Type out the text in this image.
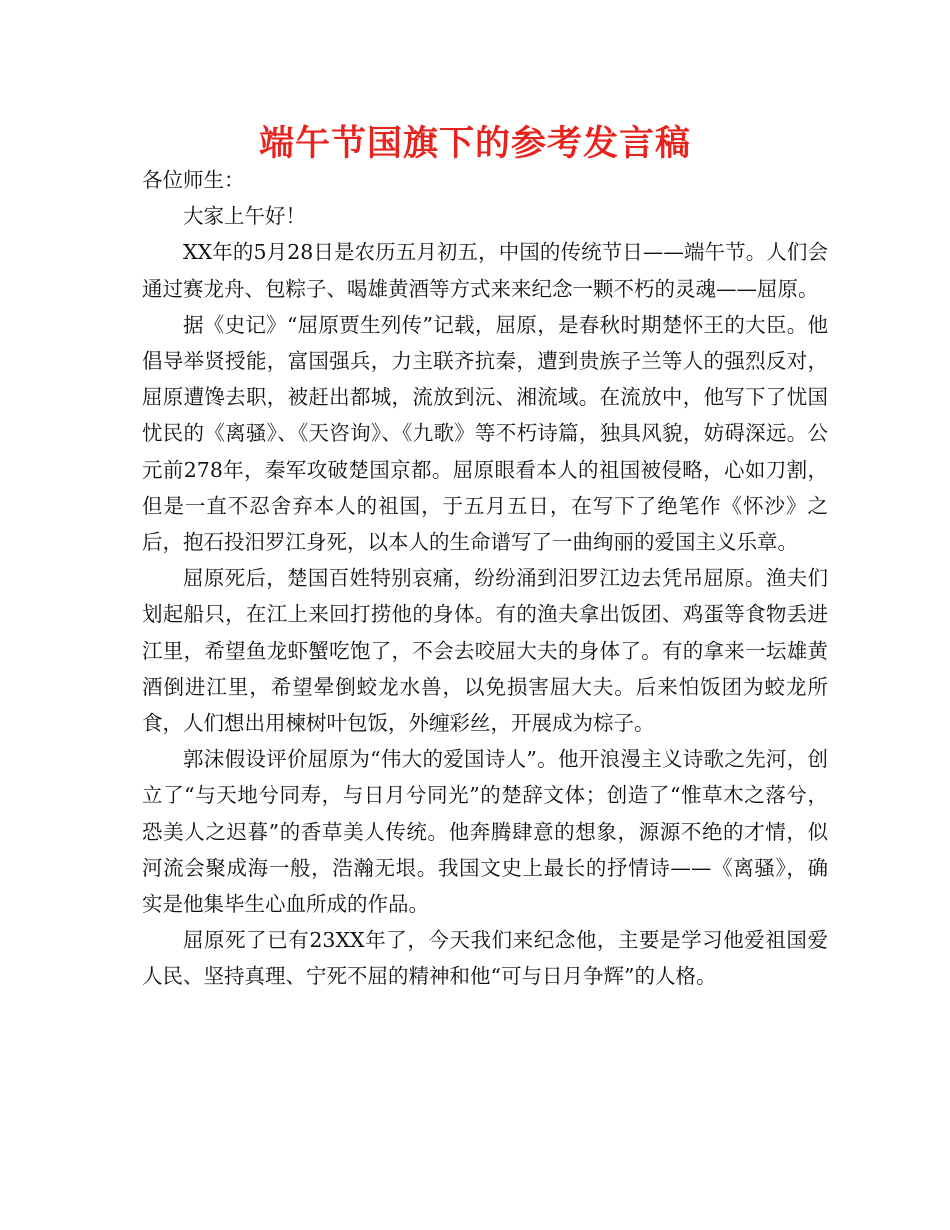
端午节国旗下的参考发言稿

各位师生：

大家上午好！

XX年的5月28日是农历五月初五，中国的传统节日——端午节。人们会通过赛龙舟、包粽子、喝雄黄酒等方式来来纪念一颗不朽的灵魂——屈原。

据《史记》“屈原贾生列传”记载，屈原，是春秋时期楚怀王的大臣。他倡导举贤授能，富国强兵，力主联齐抗秦，遭到贵族子兰等人的强烈反对，屈原遭馋去职，被赶出都城，流放到沅、湘流域。在流放中，他写下了忧国忧民的《离骚》、《天咨询》、《九歌》等不朽诗篇，独具风貌，妨碍深远。公元前278年，秦军攻破楚国京都。屈原眼看本人的祖国被侵略，心如刀割，但是一直不忍舍弃本人的祖国，于五月五日，在写下了绝笔作《怀沙》之后，抱石投汨罗江身死，以本人的生命谱写了一曲绚丽的爱国主义乐章。

屈原死后，楚国百姓特别哀痛，纷纷涌到汨罗江边去凭吊屈原。渔夫们划起船只，在江上来回打捞他的身体。有的渔夫拿出饭团、鸡蛋等食物丢进江里，希望鱼龙虾蟹吃饱了，不会去咬屈大夫的身体了。有的拿来一坛雄黄酒倒进江里，希望晕倒蛟龙水兽，以免损害屈大夫。后来怕饭团为蛟龙所食，人们想出用楝树叶包饭，外缠彩丝，开展成为棕子。

郭沫假设评价屈原为“伟大的爱国诗人”。他开浪漫主义诗歌之先河，创立了“与天地兮同寿，与日月兮同光”的楚辞文体；创造了“惟草木之落兮，恐美人之迟暮”的香草美人传统。他奔腾肆意的想象，源源不绝的才情，似河流会聚成海一般，浩瀚无垠。我国文史上最长的抒情诗——《离骚》，确实是他集毕生心血所成的作品。

屈原死了已有23XX年了，今天我们来纪念他，主要是学习他爱祖国爱人民、坚持真理、宁死不屈的精神和他“可与日月争辉”的人格。
